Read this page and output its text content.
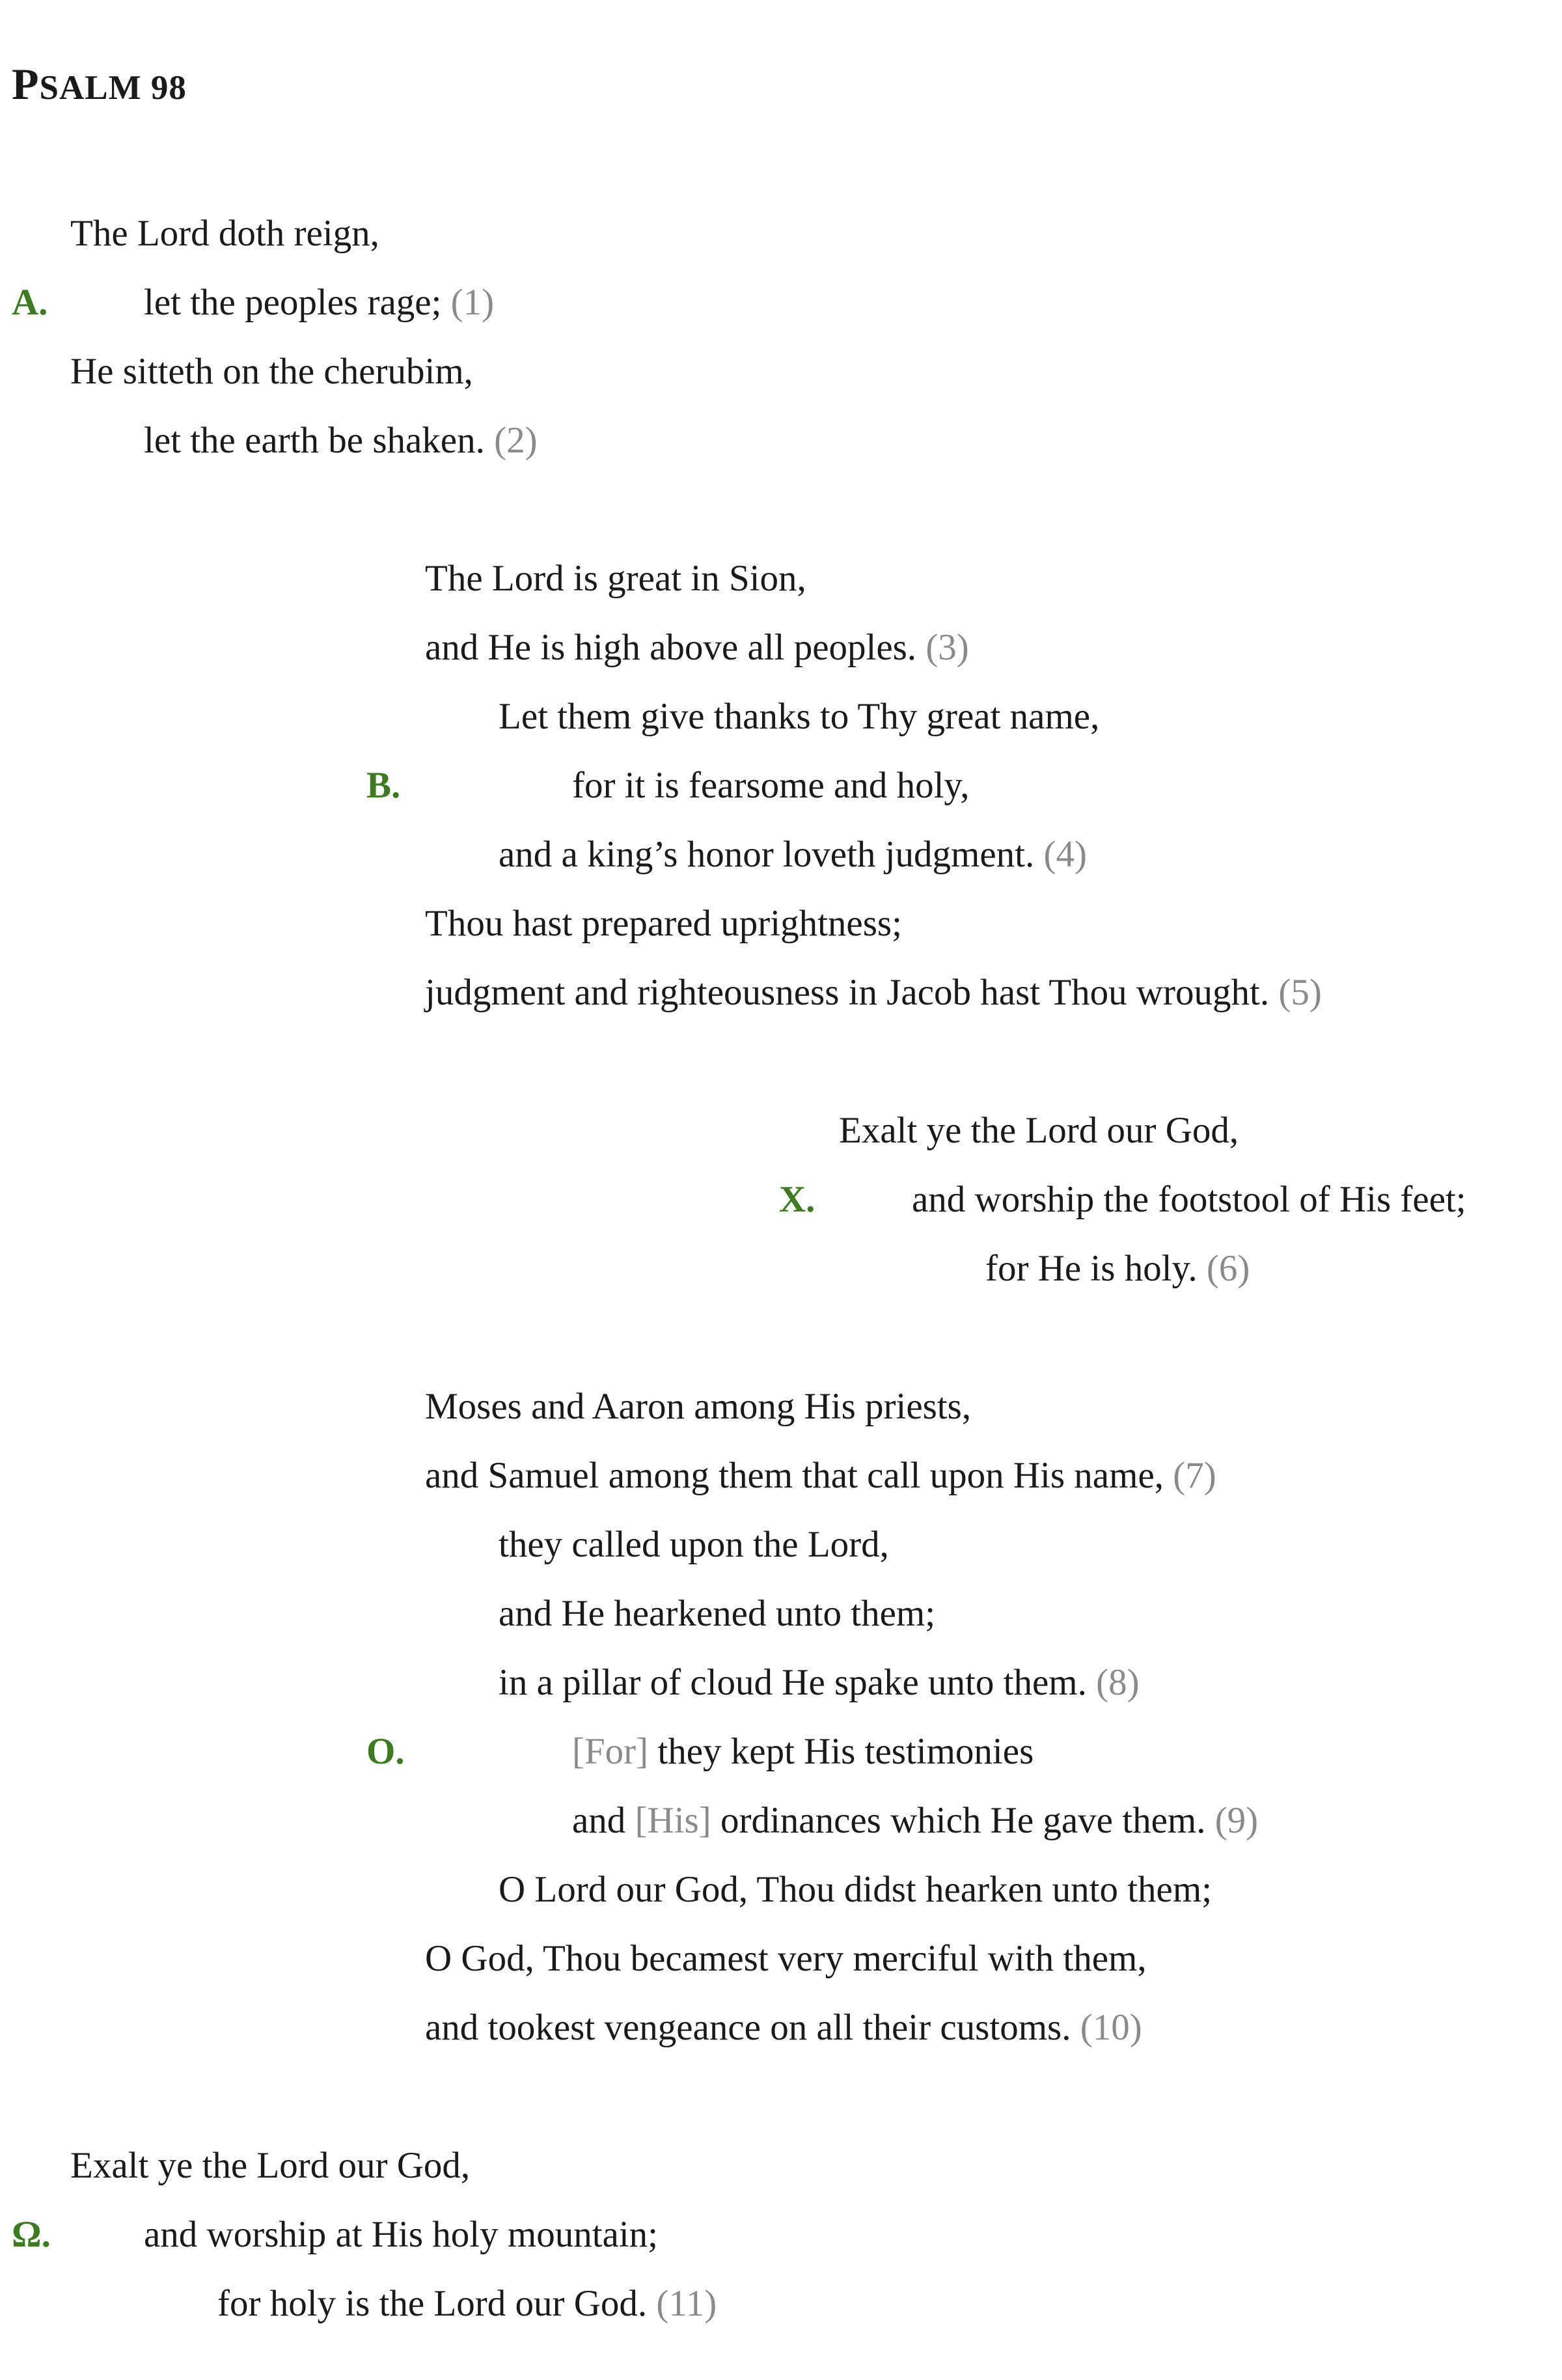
PSALM 98
The Lord doth reign,
A.	let the peoples rage; (1)
He sitteth on the cherubim,
let the earth be shaken. (2)
The Lord is great in Sion,
and He is high above all peoples. (3)
Let them give thanks to Thy great name,
B.	for it is fearsome and holy,
and a king’s honor loveth judgment. (4)
Thou hast prepared uprightness;
judgment and righteousness in Jacob hast Thou wrought. (5)
Exalt ye the Lord our God,
X.	and worship the footstool of His feet;
for He is holy. (6)
Moses and Aaron among His priests,
and Samuel among them that call upon His name, (7)
they called upon the Lord,
and He hearkened unto them;
in a pillar of cloud He spake unto them. (8)
O.	[For] they kept His testimonies
and [His] ordinances which He gave them. (9)
O Lord our God, Thou didst hearken unto them;
O God, Thou becamest very merciful with them,
and tookest vengeance on all their customs. (10)
Exalt ye the Lord our God,
Ω.	and worship at His holy mountain;
for holy is the Lord our God. (11)
